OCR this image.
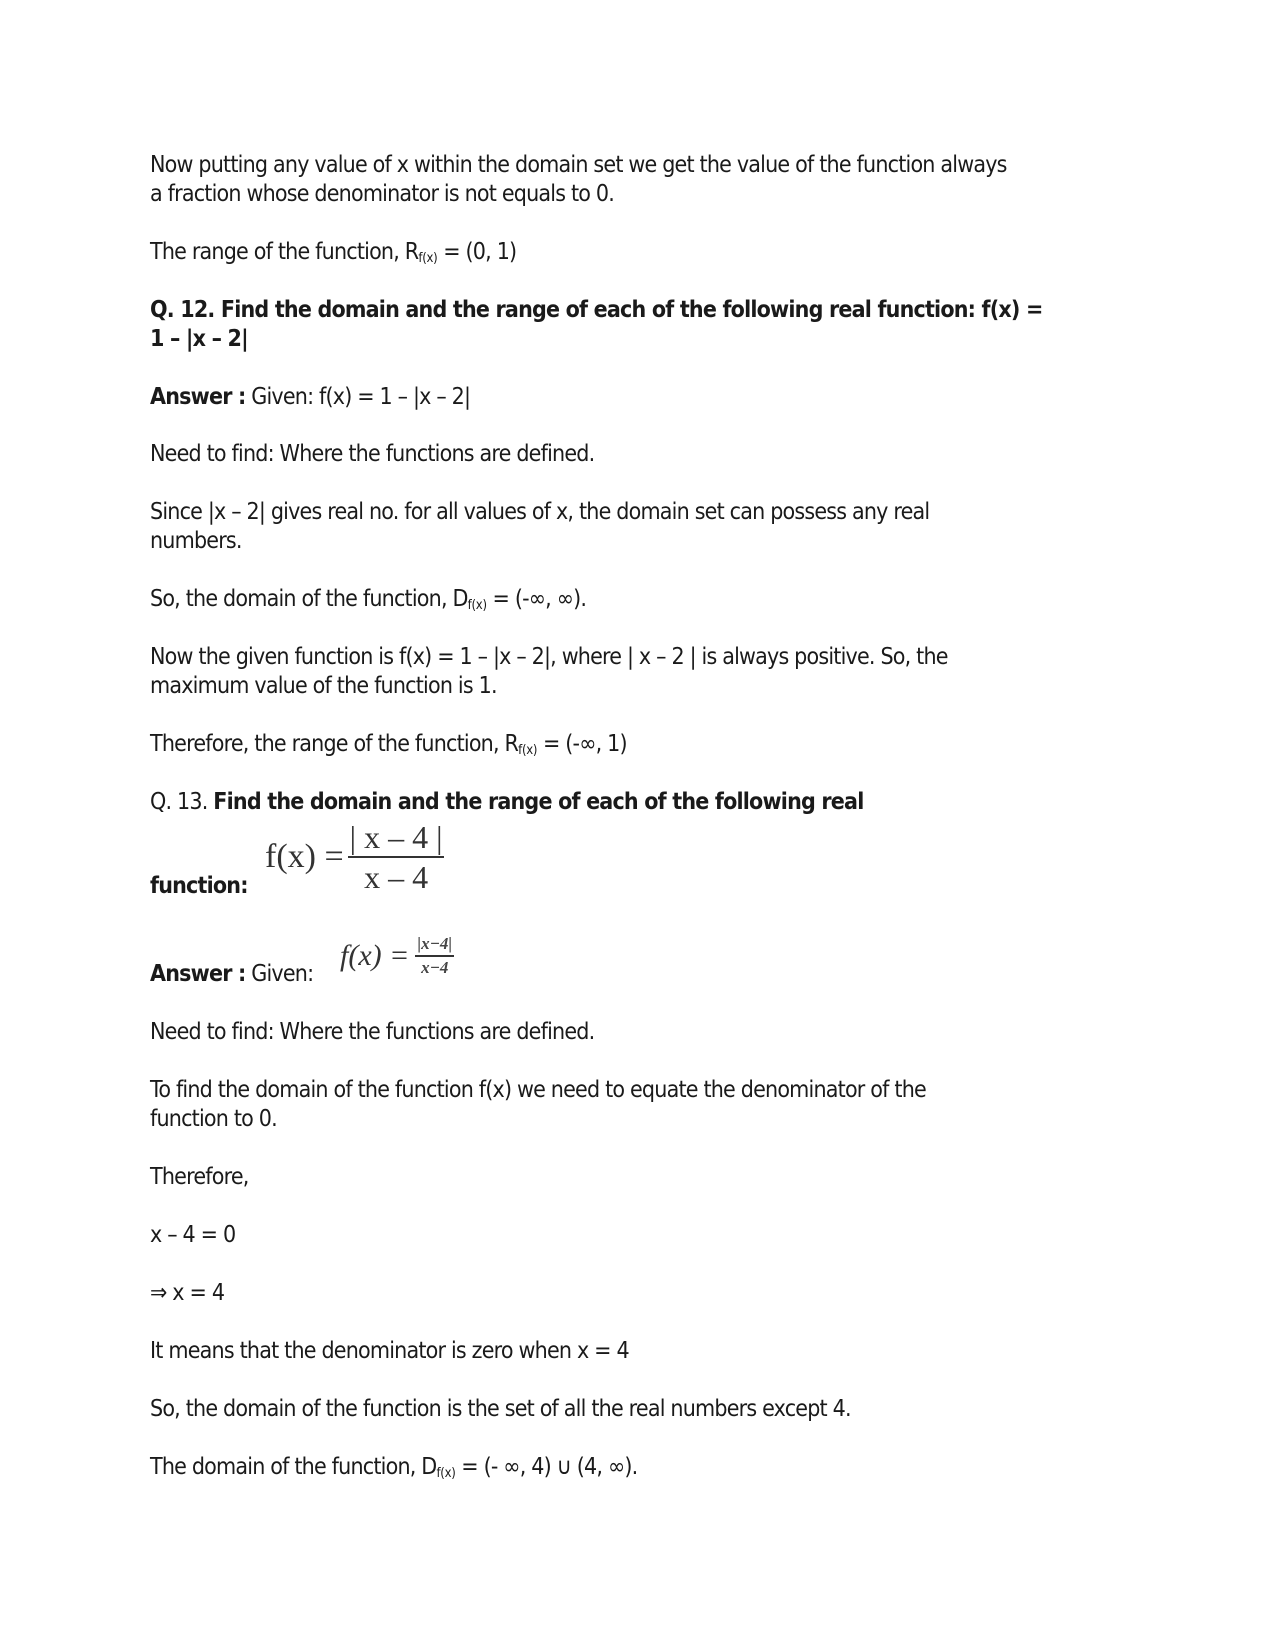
Now putting any value of x within the domain set we get the value of the function always
a fraction whose denominator is not equals to 0.
The range of the function, $R_{f(x)} = (0$, 1)
Q. 12. Find the domain and the range of each of the following real function: f(x) =
1 – |x – 2|
Answer : Given: f(x) = 1 – |x – 2|
Need to find: Where the functions are defined.
Since |x – 2| gives real no. for all values of x, the domain set can possess any real
numbers.
So, the domain of the function, $D_{f(x)}$ = (-∞, ∞).
Now the given function is f(x) = 1 – |x – 2|, where | x – 2 | is always positive. So, the
maximum value of the function is 1.
Therefore, the range of the function, $R_{f(x)}$ = (-∞, 1)
Q. 13. Find the domain and the range of each of the following real
$f(x) = \frac{| x - 4 |}{x - 4}$
function:
$f(x) = \frac{|x-4|}{x-4}$
Answer : Given:
Need to find: Where the functions are defined.
To find the domain of the function f(x) we need to equate the denominator of the
function to 0.
Therefore,
x – 4 = 0
⇒ x = 4
It means that the denominator is zero when x = 4
So, the domain of the function is the set of all the real numbers except 4.
The domain of the function, $D_{f(x)}$ = (- ∞, 4) ∪ (4, ∞).
